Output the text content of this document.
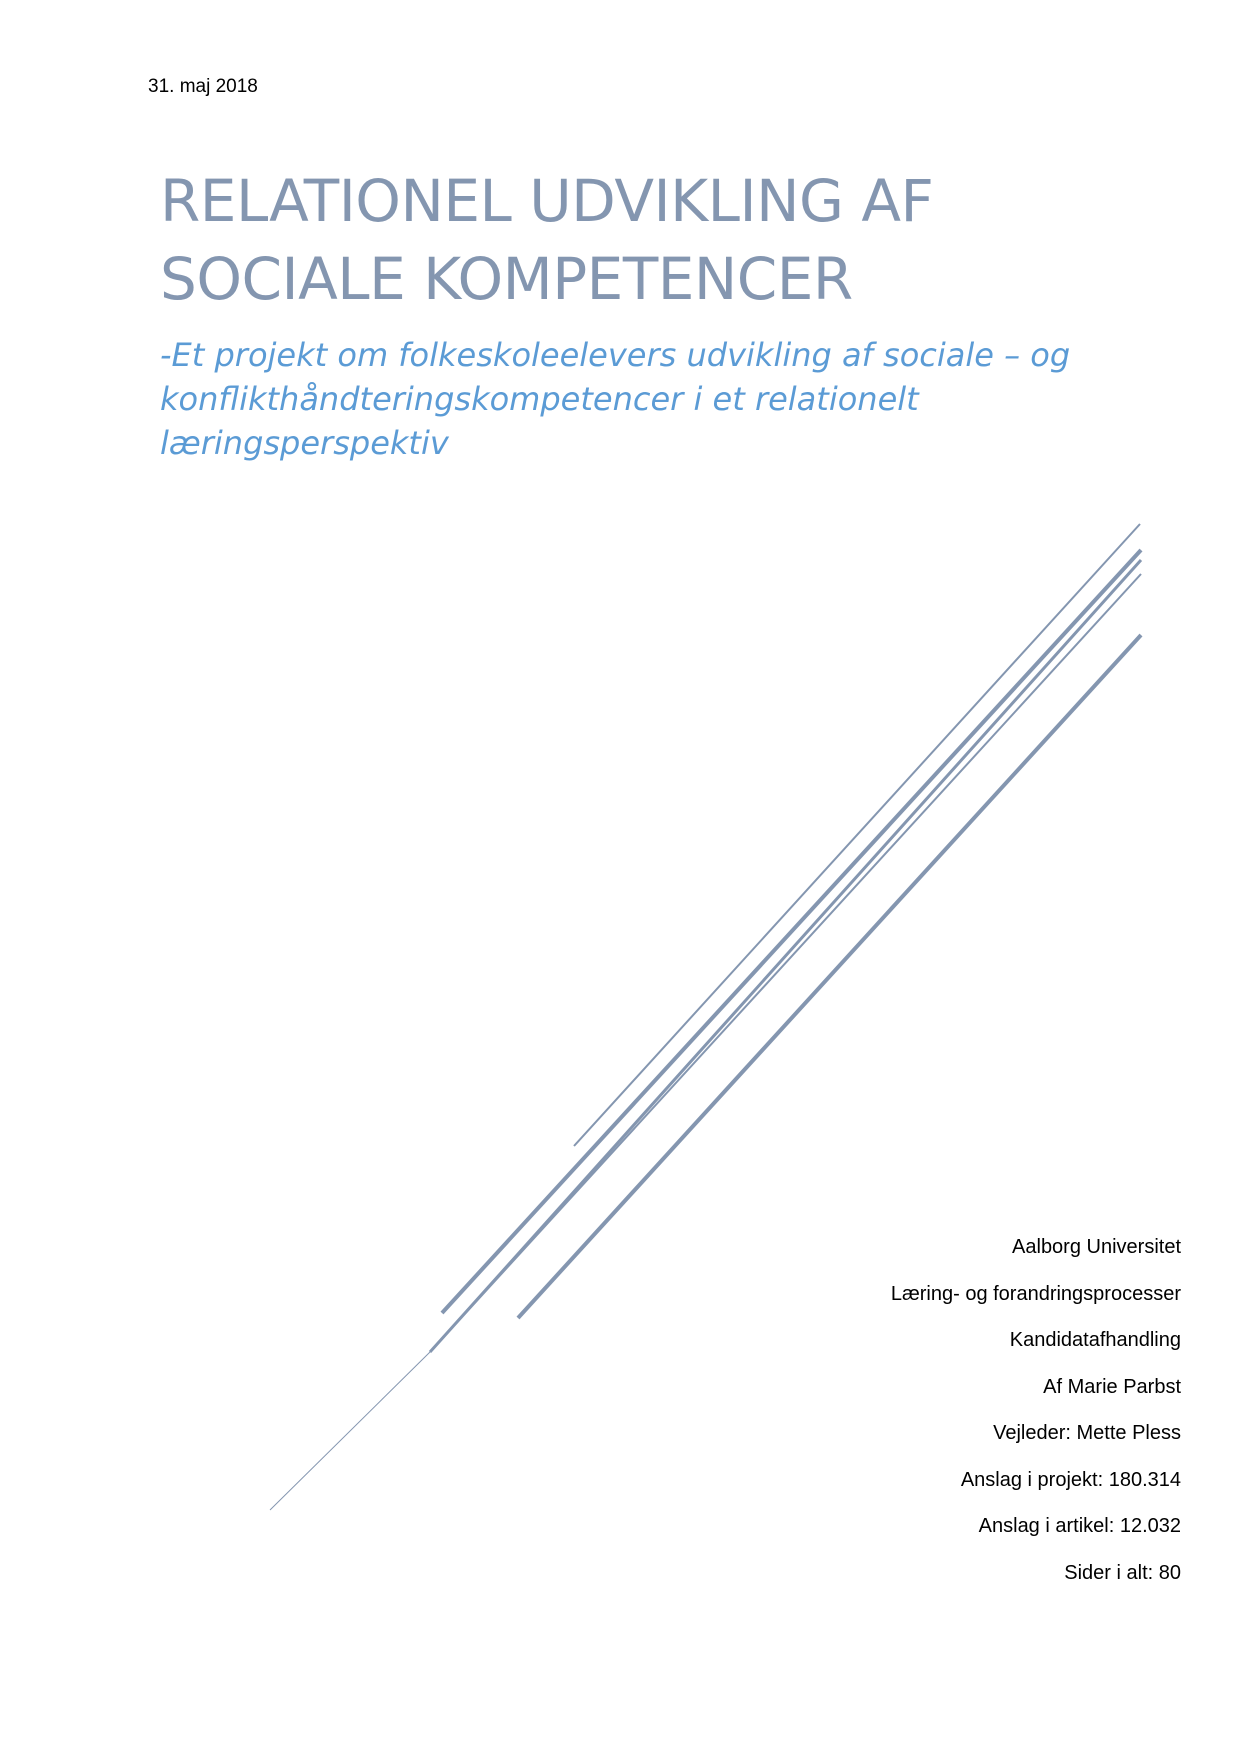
31. maj 2018
RELATIONEL UDVIKLING AF
SOCIALE KOMPETENCER
-Et projekt om folkeskoleelevers udvikling af sociale – og
konflikthåndteringskompetencer i et relationelt
læringsperspektiv
Aalborg Universitet
Læring- og forandringsprocesser
Kandidatafhandling
Af Marie Parbst
Vejleder: Mette Pless
Anslag i projekt: 180.314
Anslag i artikel: 12.032
Sider i alt: 80
